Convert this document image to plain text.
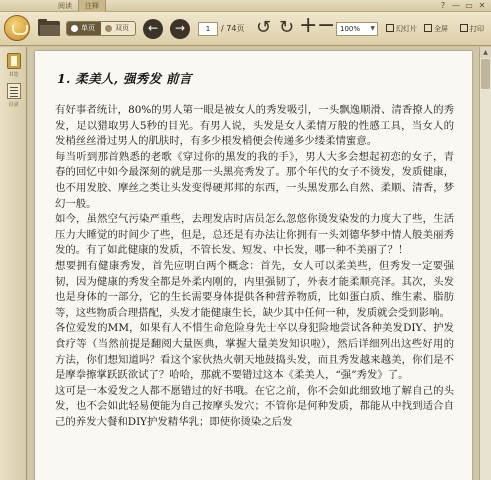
阅读	注释	? — ▭ ✕
单页	双页	←	→	1	/ 74页 ↺ ↻ + − 100% ▼	幻灯片	全屏	打印
书签
目录
1. 柔美人, 强秀发 前言

有好事者统计，80%的男人第一眼是被女人的秀发吸引，一头飘逸顺滑、清香撩人的秀发，足以猎取男人5秒的目光。有男人说，头发是女人柔情万般的性感工具，当女人的发梢丝丝滑过男人的肌肤时，有多少根发梢便会传递多少缕柔情蜜意。

每当听到那首熟悉的老歌《穿过你的黑发的我的手》，男人大多会想起初恋的女子，青春的回忆中如今最深刻的就是那一头黑亮秀发了。那个年代的女子不烫发，发质健康，也不用发胶、摩丝之类让头发变得硬邦邦的东西，一头黑发那么自然、柔顺、清香，梦幻一般。

如今，虽然空气污染严重些，去理发店时店员怎么忽悠你烫发染发的力度大了些，生活压力大睡觉的时间少了些，但是，总还是有办法让你拥有一头刘德华梦中情人般美丽秀发的。有了如此健康的发质，不管长发、短发、中长发，哪一种不美丽了？！

想要拥有健康秀发，首先应明白两个概念：首先，女人可以柔美些，但秀发一定要强韧，因为健康的秀发全都是外柔内刚的，内里强韧了，外表才能柔顺亮泽。其次，头发也是身体的一部分，它的生长需要身体提供各种营养物质，比如蛋白质、维生素、脂肪等，这些物质合理搭配，头发才能健康生长，缺少其中任何一种，发质就会受到影响。

各位爱发的MM，如果有人不惜生命危险身先士卒以身犯险地尝试各种美发DIY、护发食疗等（当然前提是翻阅大量医典，掌握大量美发知识啦），然后详细列出这些好用的方法，你们想知道吗？看这个家伙热火朝天地鼓捣头发，而且秀发越来越美，你们是不是摩拳擦掌跃跃欲试了？哈哈，那就不要错过这本《柔美人，“强”秀发》了。

这可是一本爱发之人都不愿错过的好书哦。在它之前，你不会如此细致地了解自己的头发，也不会如此轻易便能为自己按摩头发穴；不管你是何种发质，都能从中找到适合自己的养发大餐和DIY护发精华乳；即使你烫染之后发

▲
